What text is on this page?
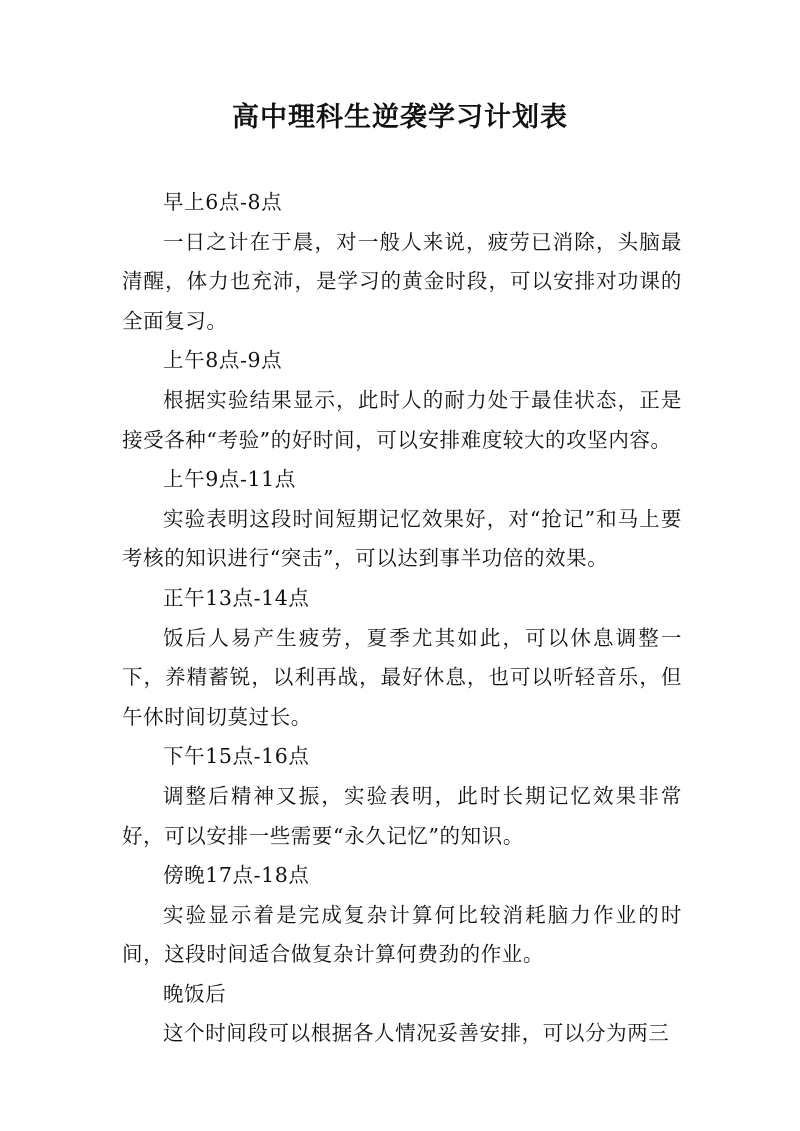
高中理科生逆袭学习计划表

早上6点-8点

一日之计在于晨，对一般人来说，疲劳已消除，头脑最清醒，体力也充沛，是学习的黄金时段，可以安排对功课的全面复习。

上午8点-9点

根据实验结果显示，此时人的耐力处于最佳状态，正是接受各种“考验”的好时间，可以安排难度较大的攻坚内容。

上午9点-11点

实验表明这段时间短期记忆效果好，对“抢记”和马上要考核的知识进行“突击”，可以达到事半功倍的效果。

正午13点-14点

饭后人易产生疲劳，夏季尤其如此，可以休息调整一下，养精蓄锐，以利再战，最好休息，也可以听轻音乐，但午休时间切莫过长。

下午15点-16点

调整后精神又振，实验表明，此时长期记忆效果非常好，可以安排一些需要“永久记忆”的知识。

傍晚17点-18点

实验显示着是完成复杂计算何比较消耗脑力作业的时间，这段时间适合做复杂计算何费劲的作业。

晚饭后

这个时间段可以根据各人情况妥善安排，可以分为两三
